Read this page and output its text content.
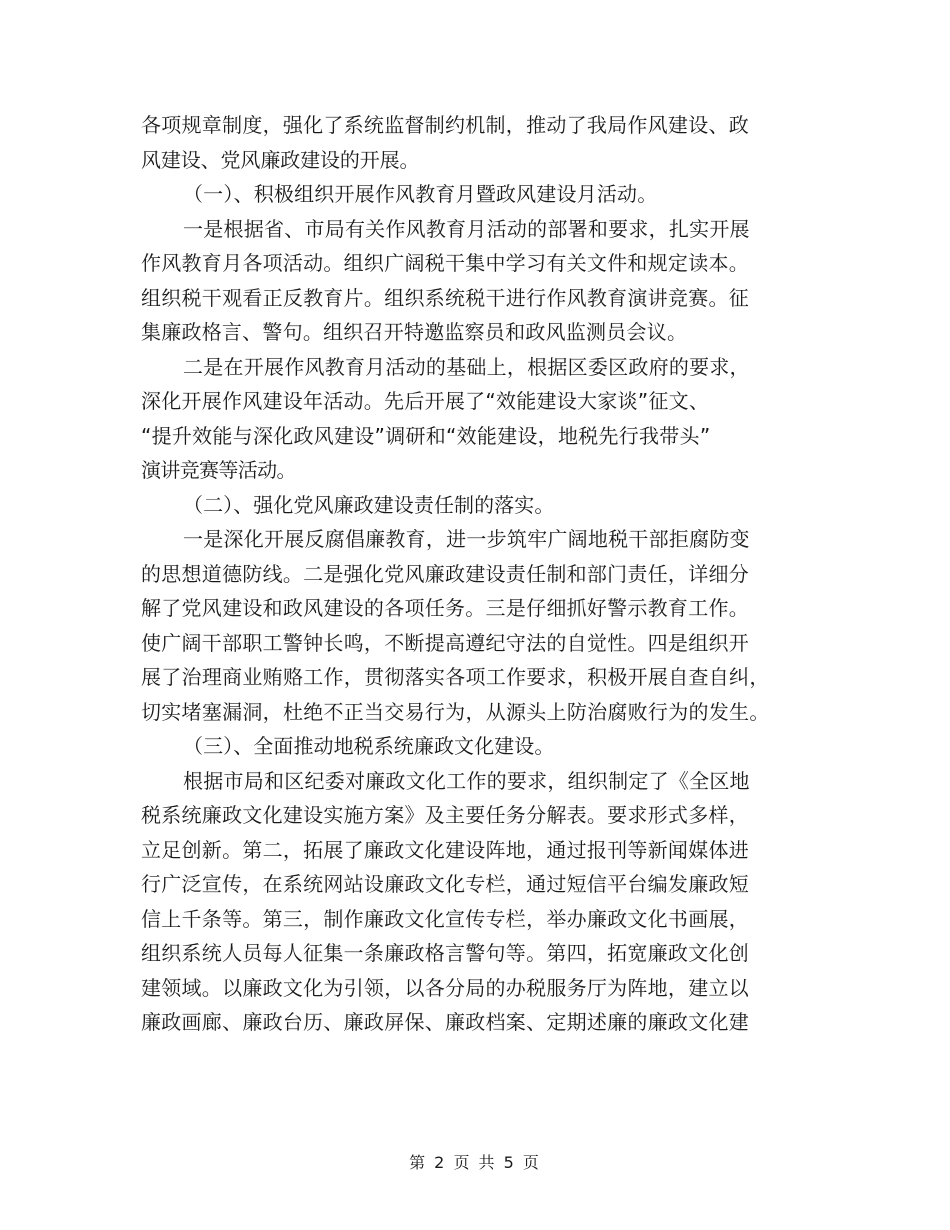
各项规章制度，强化了系统监督制约机制，推动了我局作风建设、政
风建设、党风廉政建设的开展。
（一）、积极组织开展作风教育月暨政风建设月活动。
一是根据省、市局有关作风教育月活动的部署和要求，扎实开展
作风教育月各项活动。组织广阔税干集中学习有关文件和规定读本。
组织税干观看正反教育片。组织系统税干进行作风教育演讲竞赛。征
集廉政格言、警句。组织召开特邀监察员和政风监测员会议。
二是在开展作风教育月活动的基础上，根据区委区政府的要求，
深化开展作风建设年活动。先后开展了“效能建设大家谈”征文、
“提升效能与深化政风建设”调研和“效能建设，地税先行我带头”
演讲竞赛等活动。
（二）、强化党风廉政建设责任制的落实。
一是深化开展反腐倡廉教育，进一步筑牢广阔地税干部拒腐防变
的思想道德防线。二是强化党风廉政建设责任制和部门责任，详细分
解了党风建设和政风建设的各项任务。三是仔细抓好警示教育工作。
使广阔干部职工警钟长鸣，不断提高遵纪守法的自觉性。四是组织开
展了治理商业贿赂工作，贯彻落实各项工作要求，积极开展自查自纠，
切实堵塞漏洞，杜绝不正当交易行为，从源头上防治腐败行为的发生。
（三）、全面推动地税系统廉政文化建设。
根据市局和区纪委对廉政文化工作的要求，组织制定了《全区地
税系统廉政文化建设实施方案》及主要任务分解表。要求形式多样，
立足创新。第二，拓展了廉政文化建设阵地，通过报刊等新闻媒体进
行广泛宣传，在系统网站设廉政文化专栏，通过短信平台编发廉政短
信上千条等。第三，制作廉政文化宣传专栏，举办廉政文化书画展，
组织系统人员每人征集一条廉政格言警句等。第四，拓宽廉政文化创
建领域。以廉政文化为引领，以各分局的办税服务厅为阵地，建立以
廉政画廊、廉政台历、廉政屏保、廉政档案、定期述廉的廉政文化建
第 2 页 共 5 页
